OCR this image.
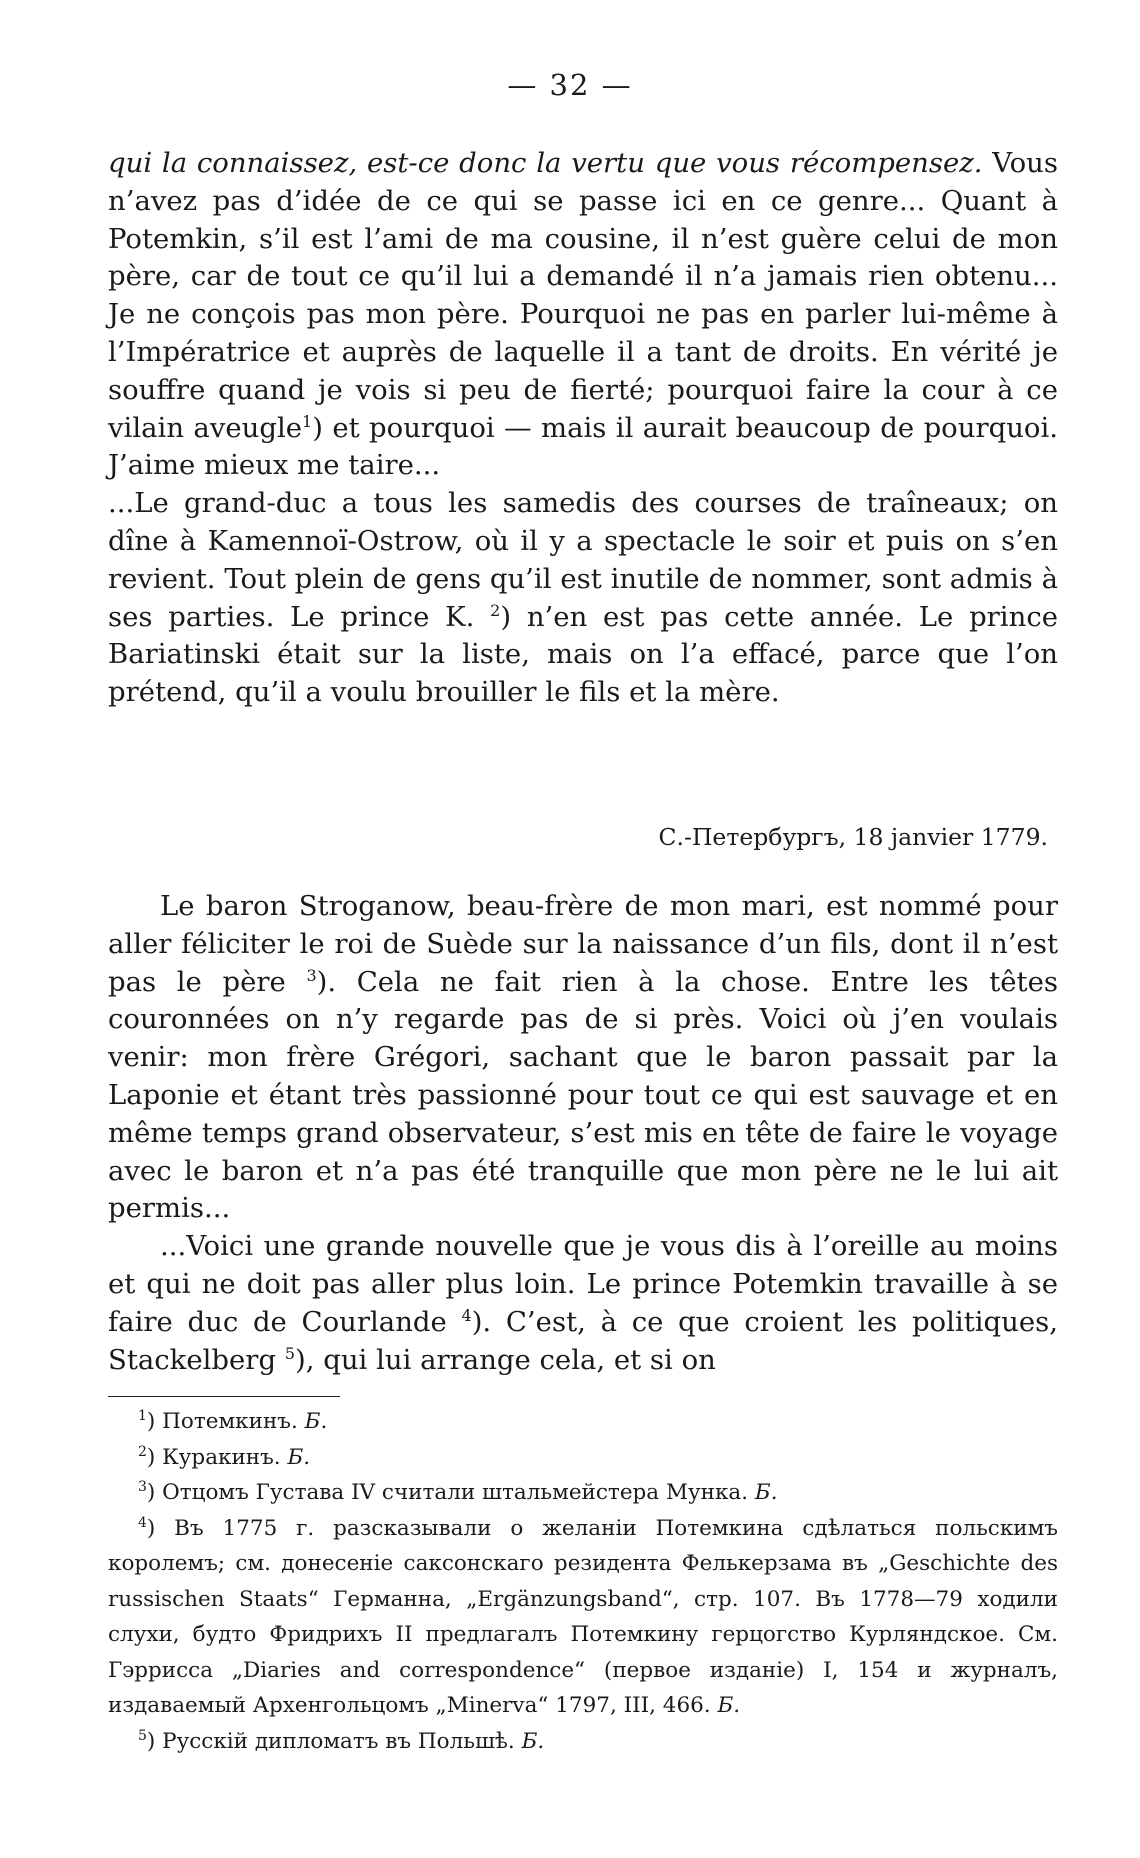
— 32 —

qui la connaissez, est-ce donc la vertu que vous récompensez. Vous n’avez pas d’idée de ce qui se passe ici en ce genre... Quant à Potemkin, s’il est l’ami de ma cousine, il n’est guère celui de mon père, car de tout ce qu’il lui a demandé il n’a jamais rien obtenu... Je ne conçois pas mon père. Pourquoi ne pas en parler lui-même à l’Impératrice et auprès de laquelle il a tant de droits. En vérité je souffre quand je vois si peu de fierté; pourquoi faire la cour à ce vilain aveugle$^1$) et pourquoi — mais il aurait beaucoup de pourquoi. J’aime mieux me taire...

...Le grand-duc a tous les samedis des courses de traîneaux; on dîne à Kamennoï-Ostrow, où il y a spectacle le soir et puis on s’en revient. Tout plein de gens qu’il est inutile de nommer, sont admis à ses parties. Le prince K. $^2$) n’en est pas cette année. Le prince Bariatinski était sur la liste, mais on l’a effacé, parce que l’on prétend, qu’il a voulu brouiller le fils et la mère.

С.-Петербургъ, 18 janvier 1779.

Le baron Stroganow, beau-frère de mon mari, est nommé pour aller féliciter le roi de Suède sur la naissance d’un fils, dont il n’est pas le père $^3$). Cela ne fait rien à la chose. Entre les têtes couronnées on n’y regarde pas de si près. Voici où j’en voulais venir: mon frère Grégori, sachant que le baron passait par la Laponie et étant très passionné pour tout ce qui est sauvage et en même temps grand observateur, s’est mis en tête de faire le voyage avec le baron et n’a pas été tranquille que mon père ne le lui ait permis...

...Voici une grande nouvelle que je vous dis à l’oreille au moins et qui ne doit pas aller plus loin. Le prince Potemkin travaille à se faire duc de Courlande $^4$). C’est, à ce que croient les politiques, Stackelberg $^5$), qui lui arrange cela, et si on

$^1$) Потемкинъ. Б.

$^2$) Куракинъ. Б.

$^3$) Отцомъ Густава IV считали штальмейстера Мунка. Б.

$^4$) Въ 1775 г. разсказывали о желаніи Потемкина сдѣлаться польскимъ королемъ; см. донесеніе саксонскаго резидента Фелькерзама въ „Geschichte des russischen Staats“ Германна, „Ergänzungsband“, стр. 107. Въ 1778—79 ходили слухи, будто Фридрихъ II предлагалъ Потемкину герцогство Курляндское. См. Гэррисса „Diaries and correspondence“ (первое изданіе) I, 154 и журналъ, издаваемый Архенгольцомъ „Minerva“ 1797, III, 466. Б.

$^5$) Русскій дипломатъ въ Польшѣ. Б.
